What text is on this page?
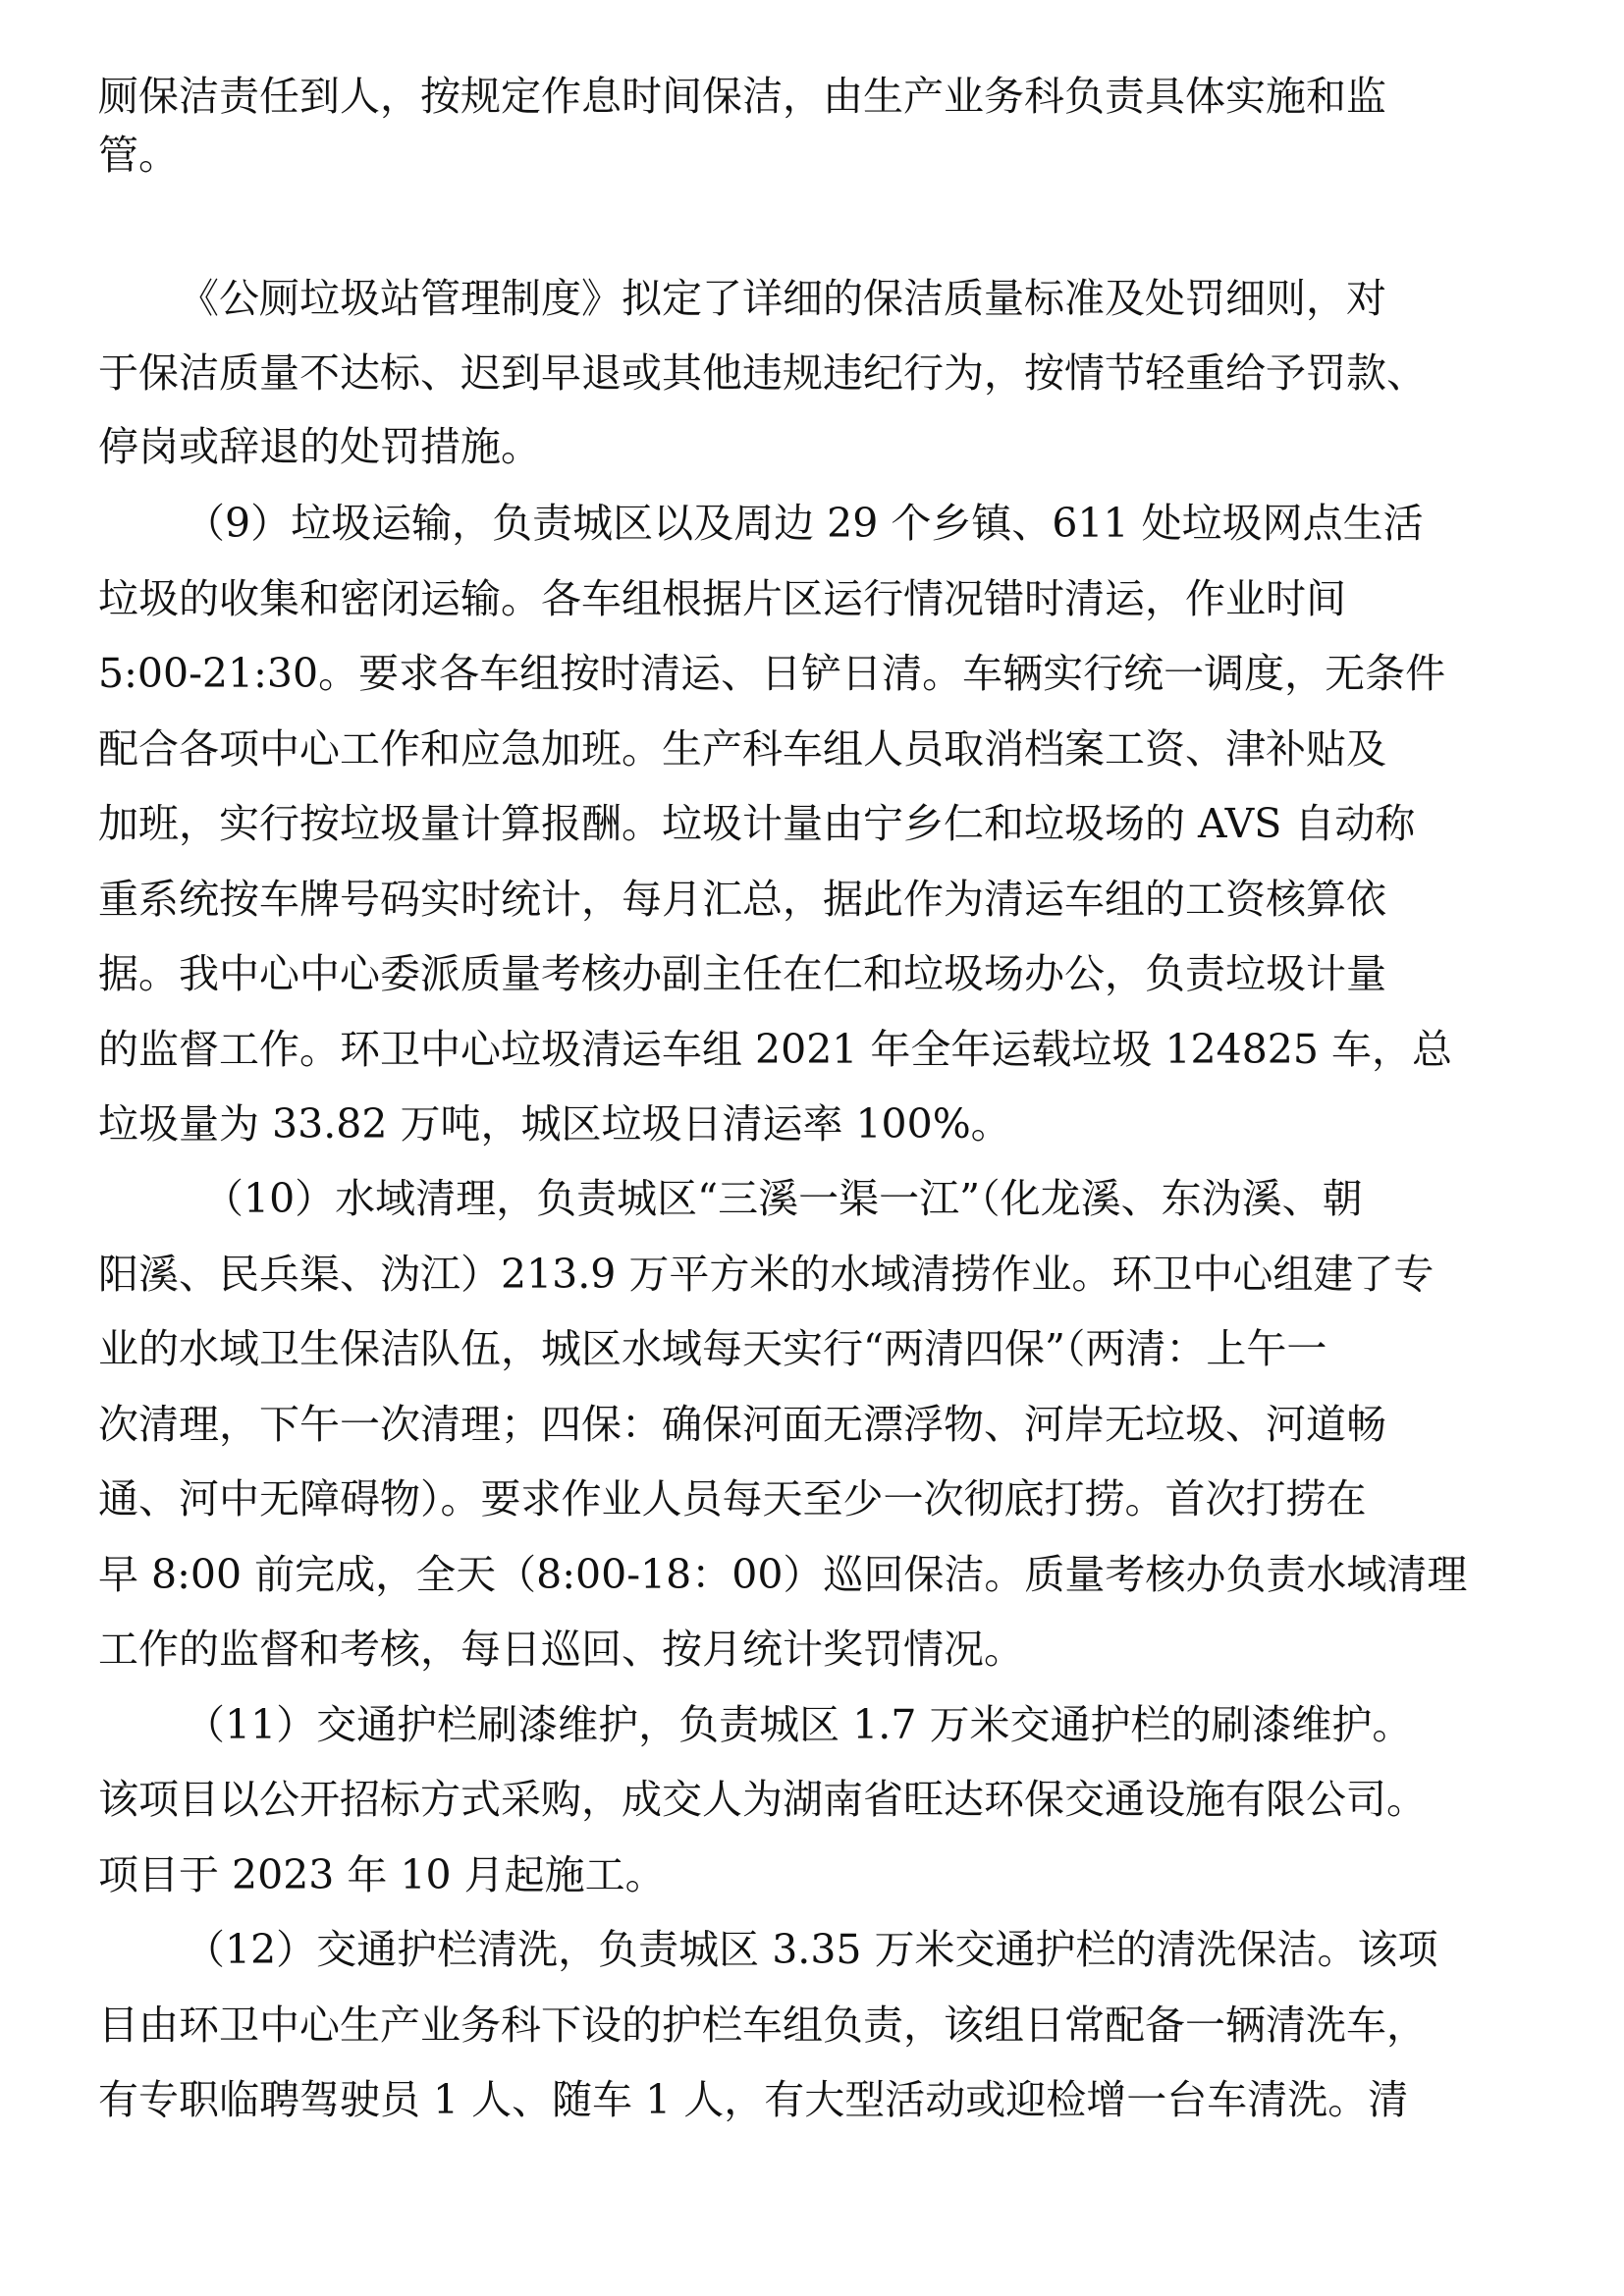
厕保洁责任到人，按规定作息时间保洁，由生产业务科负责具体实施和监
管。
《公厕垃圾站管理制度》拟定了详细的保洁质量标准及处罚细则，对
于保洁质量不达标、迟到早退或其他违规违纪行为，按情节轻重给予罚款、
停岗或辞退的处罚措施。
（9）垃圾运输，负责城区以及周边 29 个乡镇、611 处垃圾网点生活
垃圾的收集和密闭运输。各车组根据片区运行情况错时清运，作业时间
5:00-21:30。要求各车组按时清运、日铲日清。车辆实行统一调度，无条件
配合各项中心工作和应急加班。生产科车组人员取消档案工资、津补贴及
加班，实行按垃圾量计算报酬。垃圾计量由宁乡仁和垃圾场的 AVS 自动称
重系统按车牌号码实时统计，每月汇总，据此作为清运车组的工资核算依
据。我中心中心委派质量考核办副主任在仁和垃圾场办公，负责垃圾计量
的监督工作。环卫中心垃圾清运车组 2021 年全年运载垃圾 124825 车，总
垃圾量为 33.82 万吨，城区垃圾日清运率 100%。
（10）水域清理，负责城区“三溪一渠一江”（化龙溪、东沩溪、朝
阳溪、民兵渠、沩江）213.9 万平方米的水域清捞作业。环卫中心组建了专
业的水域卫生保洁队伍，城区水域每天实行“两清四保”（两清：上午一
次清理，下午一次清理；四保：确保河面无漂浮物、河岸无垃圾、河道畅
通、河中无障碍物）。要求作业人员每天至少一次彻底打捞。首次打捞在
早 8:00 前完成，全天（8:00-18：00）巡回保洁。质量考核办负责水域清理
工作的监督和考核，每日巡回、按月统计奖罚情况。
（11）交通护栏刷漆维护，负责城区 1.7 万米交通护栏的刷漆维护。
该项目以公开招标方式采购，成交人为湖南省旺达环保交通设施有限公司。
项目于 2023 年 10 月起施工。
（12）交通护栏清洗，负责城区 3.35 万米交通护栏的清洗保洁。该项
目由环卫中心生产业务科下设的护栏车组负责，该组日常配备一辆清洗车，
有专职临聘驾驶员 1 人、随车 1 人，有大型活动或迎检增一台车清洗。清
